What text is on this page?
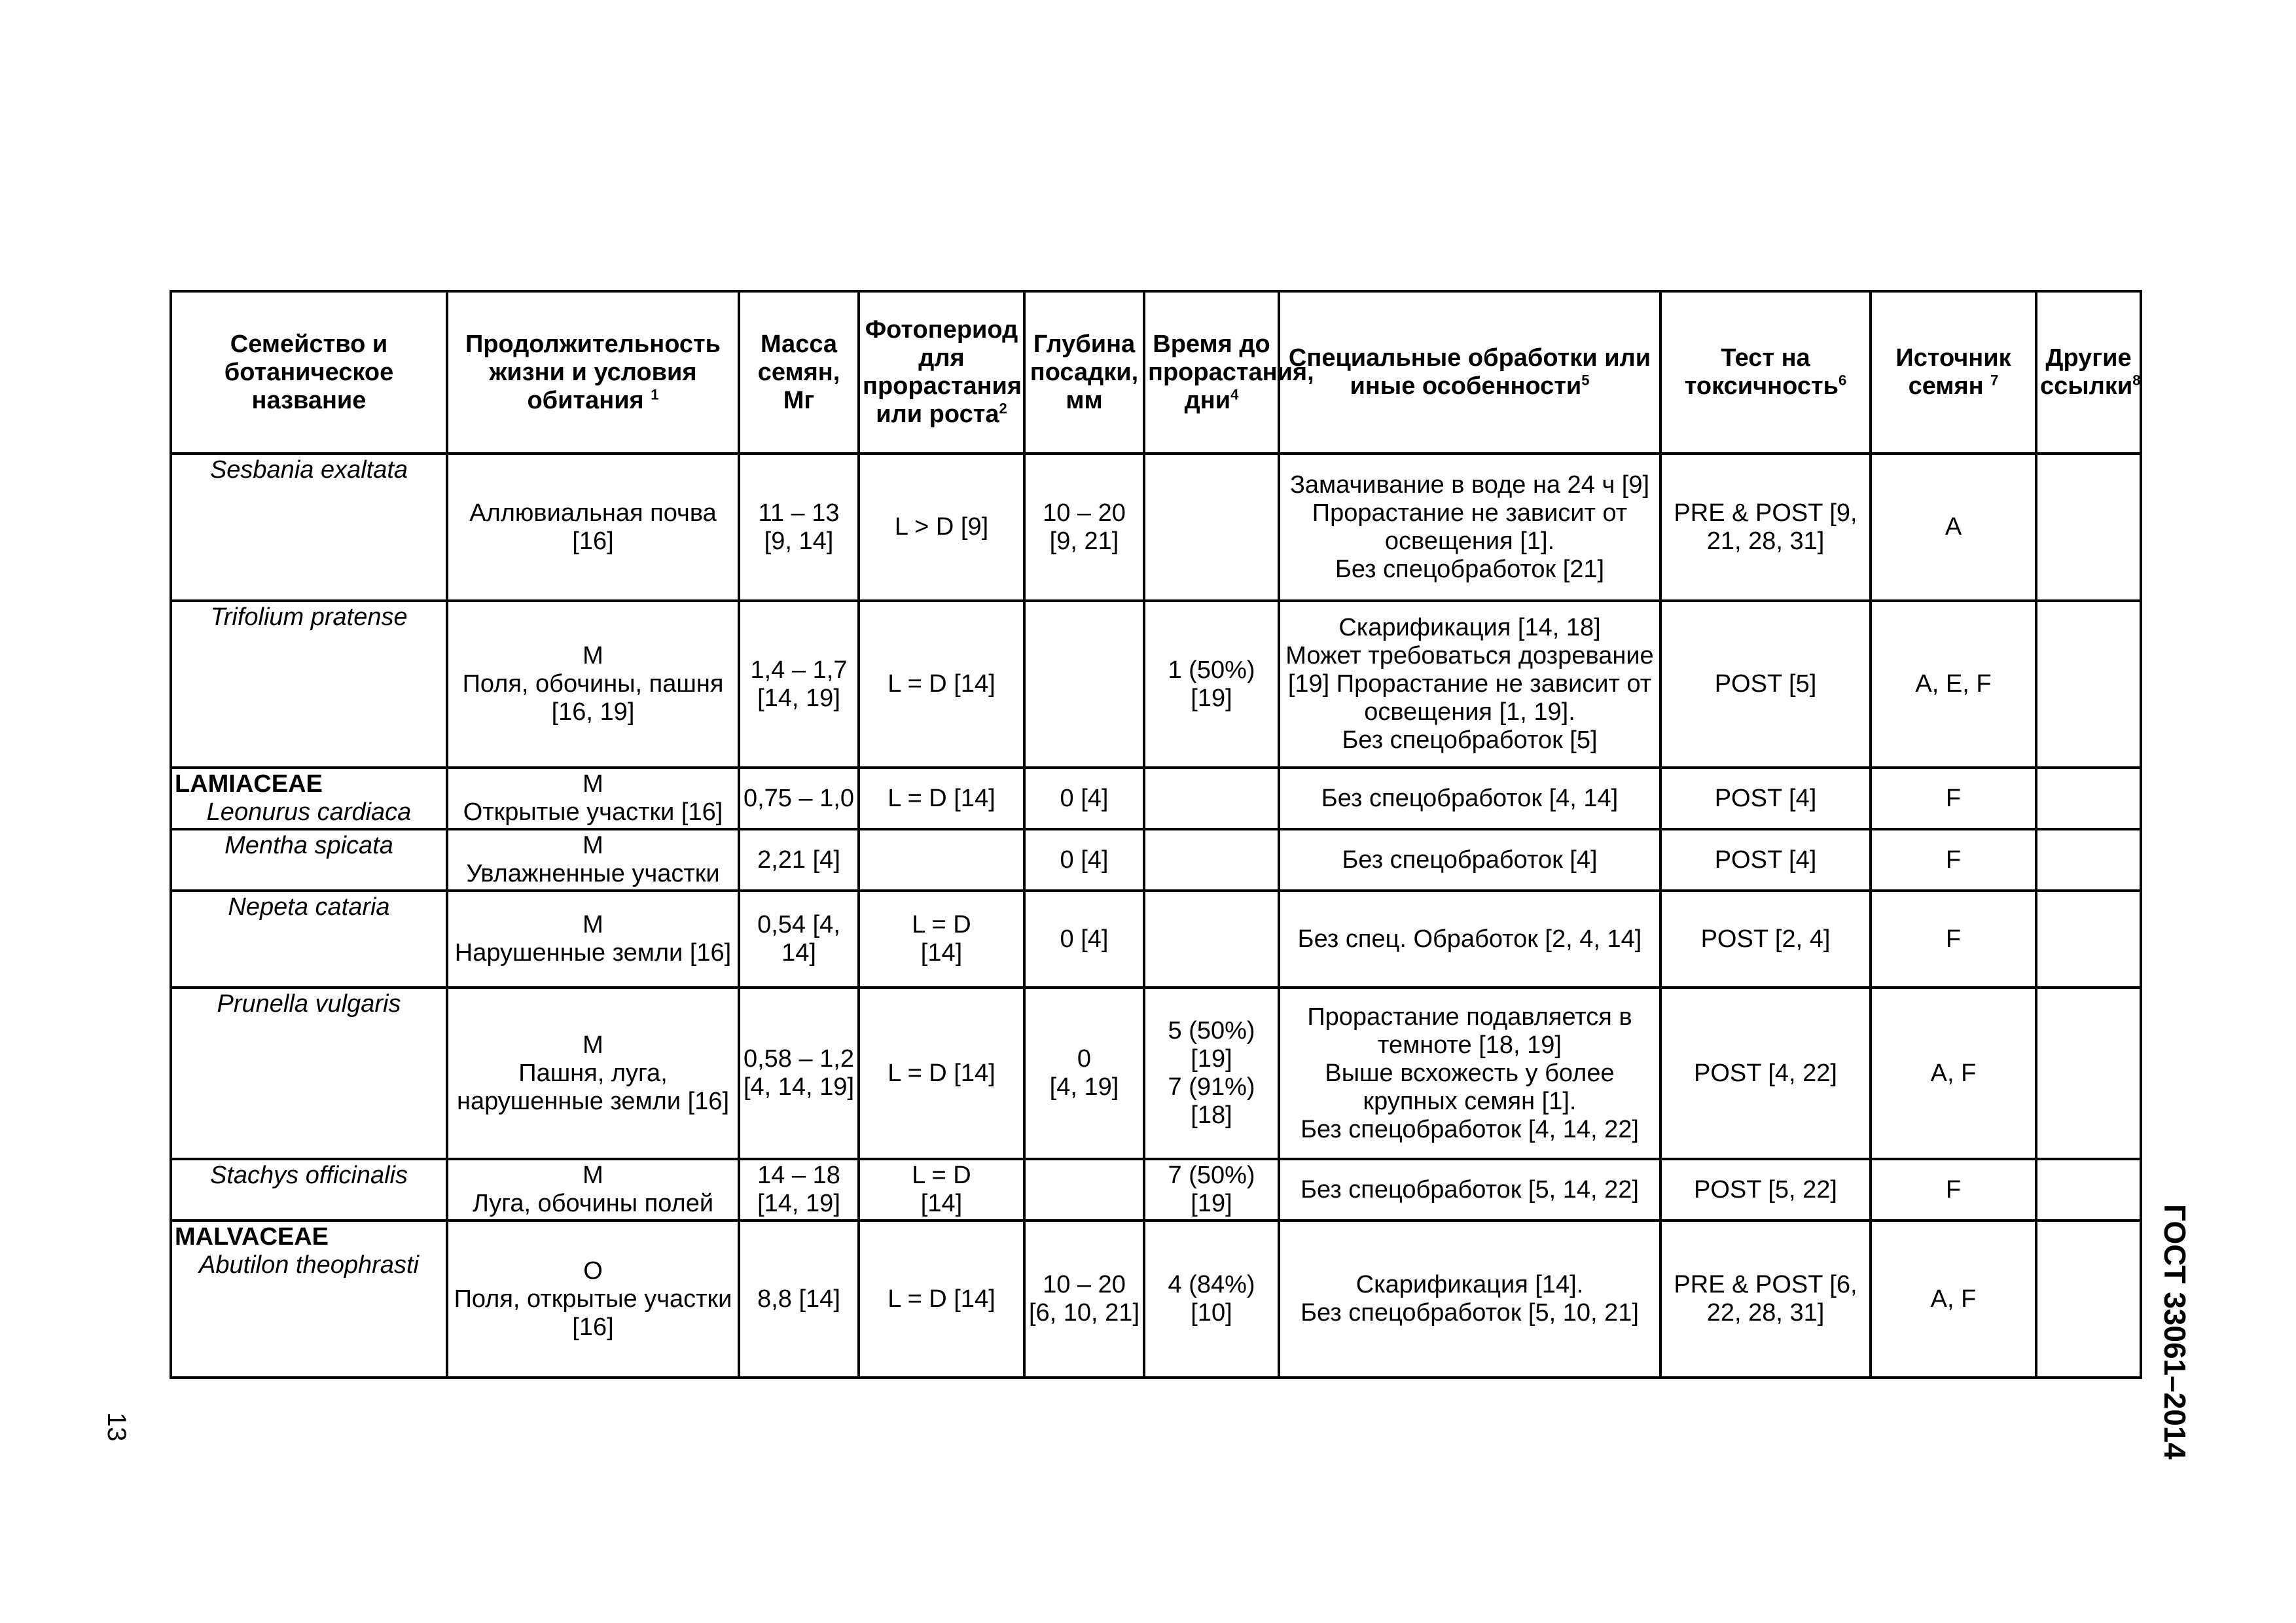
Семейство и ботаническое название	Продолжительность жизни и условия обитания $^1$	Масса семян, Мг	Фотопериод для прорастания или роста$^2$	Глубина посадки, мм	Время до прорастания, дни$^4$	Специальные обработки или иные особенности$^5$	Тест на токсичность$^6$	Источник семян $^7$	Другие ссылки$^8$

Sesbania exaltata	Аллювиальная почва
[16]	11 – 13
[9, 14]	L > D [9]	10 – 20
[9, 21]		Замачивание в воде на 24 ч [9]
Прорастание не зависит от
освещения [1].
Без спецобработок [21]	PRE & POST [9,
21, 28, 31]	A	

Trifolium pratense	M
Поля, обочины, пашня
[16, 19]	1,4 – 1,7
[14, 19]	L = D [14]		1 (50%)
[19]	Скарификация [14, 18]
Может требоваться дозревание
[19] Прорастание не зависит от
освещения [1, 19].
Без спецобработок [5]	POST [5]	A, E, F	

LAMIACEAE
Leonurus cardiaca	M
Открытые участки [16]	0,75 – 1,0	L = D [14]	0 [4]		Без спецобработок [4, 14]	POST [4]	F	

Mentha spicata	M
Увлажненные участки	2,21 [4]		0 [4]		Без спецобработок [4]	POST [4]	F	

Nepeta cataria	M
Нарушенные земли [16]	0,54 [4,
14]	L = D
[14]	0 [4]		Без спец. Обработок [2, 4, 14]	POST [2, 4]	F	

Prunella vulgaris	M
Пашня, луга,
нарушенные земли [16]	0,58 – 1,2
[4, 14, 19]	L = D [14]	0
[4, 19]	5 (50%)
[19]
7 (91%)
[18]	Прорастание подавляется в
темноте [18, 19]
Выше всхожесть у более
крупных семян [1].
Без спецобработок [4, 14, 22]	POST [4, 22]	A, F	

Stachys officinalis	M
Луга, обочины полей	14 – 18
[14, 19]	L = D
[14]		7 (50%)
[19]	Без спецобработок [5, 14, 22]	POST [5, 22]	F	

MALVACEAE
Abutilon theophrasti	O
Поля, открытые участки
[16]	8,8 [14]	L = D [14]	10 – 20
[6, 10, 21]	4 (84%)
[10]	Скарификация [14].
Без спецобработок [5, 10, 21]	PRE & POST [6,
22, 28, 31]	A, F	
13	ГОСТ 33061–2014
